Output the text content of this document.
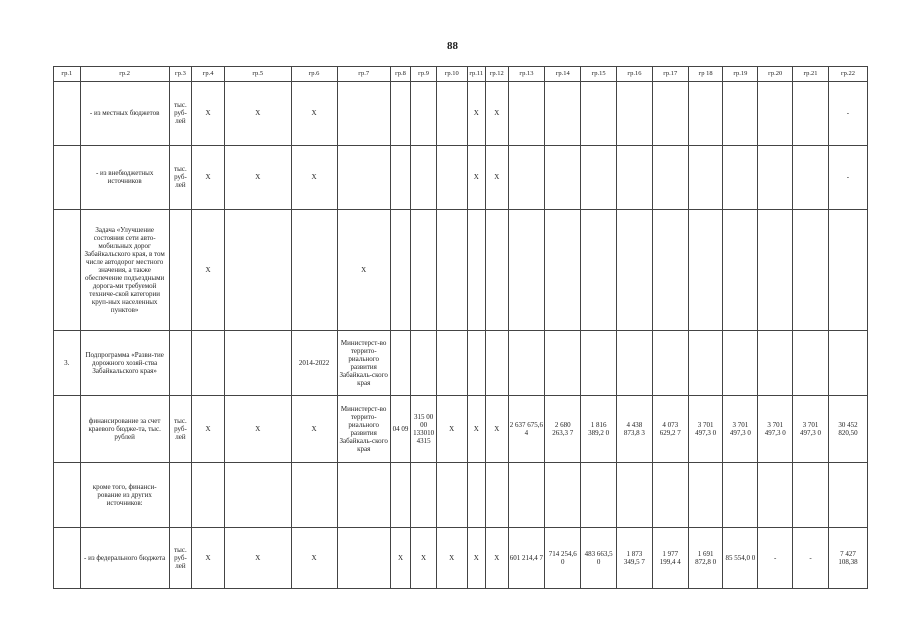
88
гр.1	гр.2	гр.3	гр.4	гр.5	гр.6	гр.7	гр.8	гр.9	гр.10	гр.11	гр.12	гр.13	гр.14	гр.15	гр.16	гр.17	гр 18	гр.19	гр.20	гр.21	гр.22
	- из местных бюджетов	тыс. руб-лей	X	X	X					X	X										-
	- из внебюджетных источников	тыс. руб-лей	X	X	X					X	X										-
	Задача «Улучшение состояния сети авто-мобильных дорог Забайкальского края, в том числе автодорог местного значения, а также обеспечение подъездными дорога-ми требуемой техниче-ской категории круп-ных населенных пунктов»		X			X															
3.	Подпрограмма «Разви-тие дорожного хозяй-ства Забайкальского края»				2014-2022	Министерст-во террито-риального развития Забайкаль-ского края															
	финансирование за счет краевого бюдже-та, тыс. рублей	тыс. руб-лей	X	X	X	Министерст-во террито-риального развития Забайкаль-ского края	04 09	315 00 00 133010 4315	X	X	X	2 637 675,6 4	2 680 263,3 7	1 816 389,2 0	4 438 873,8 3	4 073 629,2 7	3 701 497,3 0	3 701 497,3 0	3 701 497,3 0	3 701 497,3 0	30 452 820,50
	кроме того, финанси-рование из других источников:																				
	- из федерального бюджета	тыс. руб-лей	X	X	X		X	X	X	X	X	601 214,4 7	714 254,6 0	483 663,5 0	1 873 349,5 7	1 977 199,4 4	1 691 872,8 0	85 554,0 0	-	-	7 427 108,38
